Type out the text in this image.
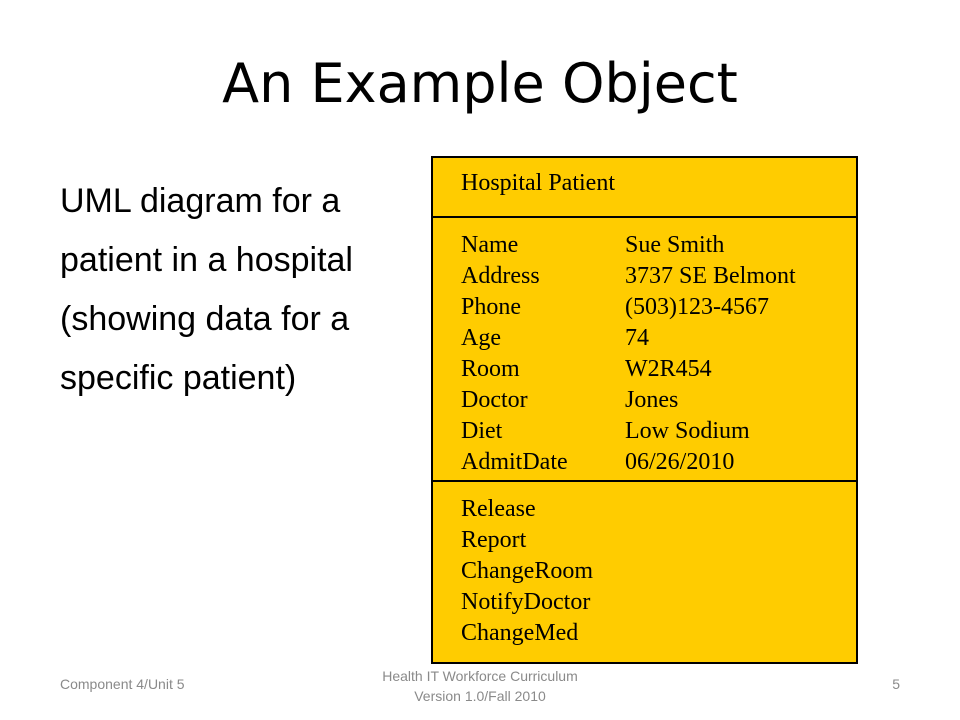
An Example Object
UML diagram for a
patient in a hospital
(showing data for a
specific patient)
Hospital Patient
Name	Sue Smith
Address	3737 SE Belmont
Phone	(503)123-4567
Age	74
Room	W2R454
Doctor	Jones
Diet	Low Sodium
AdmitDate	06/26/2010
Release
Report
ChangeRoom
NotifyDoctor
ChangeMed
Component 4/Unit 5	Health IT Workforce Curriculum
Version 1.0/Fall 2010
5
